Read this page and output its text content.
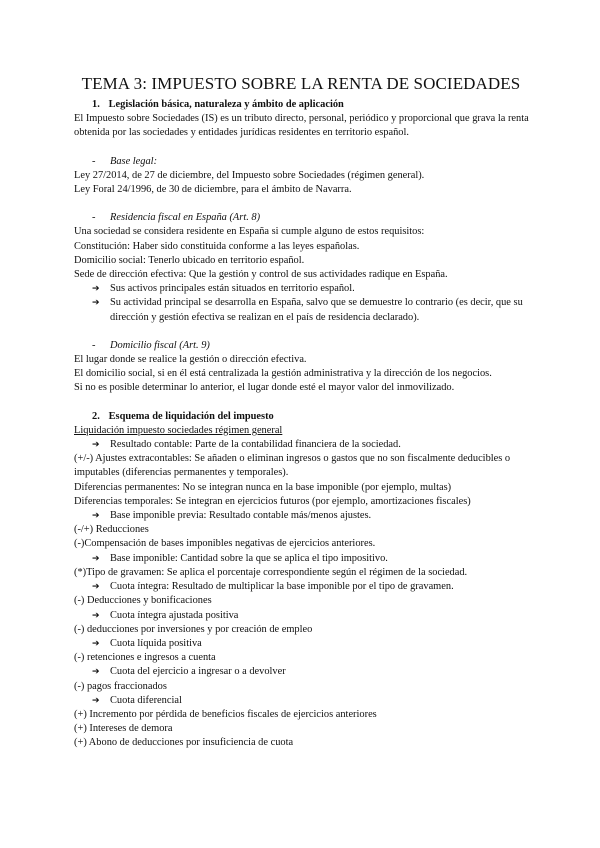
TEMA 3: IMPUESTO SOBRE LA RENTA DE SOCIEDADES
1. Legislación básica, naturaleza y ámbito de aplicación

El Impuesto sobre Sociedades (IS) es un tributo directo, personal, periódico y proporcional que grava la renta obtenida por las sociedades y entidades jurídicas residentes en territorio español.

- Base legal:

Ley 27/2014, de 27 de diciembre, del Impuesto sobre Sociedades (régimen general).

Ley Foral 24/1996, de 30 de diciembre, para el ámbito de Navarra.

- Residencia fiscal en España (Art. 8)

Una sociedad se considera residente en España si cumple alguno de estos requisitos:

Constitución: Haber sido constituida conforme a las leyes españolas.

Domicilio social: Tenerlo ubicado en territorio español.

Sede de dirección efectiva: Que la gestión y control de sus actividades radique en España.

➔ Sus activos principales están situados en territorio español.
➔ Su actividad principal se desarrolla en España, salvo que se demuestre lo contrario (es decir, que su dirección y gestión efectiva se realizan en el país de residencia declarado).
- Domicilio fiscal (Art. 9)

El lugar donde se realice la gestión o dirección efectiva.

El domicilio social, si en él está centralizada la gestión administrativa y la dirección de los negocios.

Si no es posible determinar lo anterior, el lugar donde esté el mayor valor del inmovilizado.

2. Esquema de liquidación del impuesto

Liquidación impuesto sociedades régimen general

➔ Resultado contable: Parte de la contabilidad financiera de la sociedad.

(+/-) Ajustes extracontables: Se añaden o eliminan ingresos o gastos que no son fiscalmente deducibles o imputables (diferencias permanentes y temporales).

Diferencias permanentes: No se integran nunca en la base imponible (por ejemplo, multas)

Diferencias temporales: Se integran en ejercicios futuros (por ejemplo, amortizaciones fiscales)

➔ Base imponible previa: Resultado contable más/menos ajustes.

(-/+) Reducciones

(-)Compensación de bases imponibles negativas de ejercicios anteriores.

➔ Base imponible: Cantidad sobre la que se aplica el tipo impositivo.

(*)Tipo de gravamen: Se aplica el porcentaje correspondiente según el régimen de la sociedad.

➔ Cuota íntegra: Resultado de multiplicar la base imponible por el tipo de gravamen.

(-) Deducciones y bonificaciones

➔ Cuota íntegra ajustada positiva

(-) deducciones por inversiones y por creación de empleo

➔ Cuota líquida positiva

(-) retenciones e ingresos a cuenta

➔ Cuota del ejercicio a ingresar o a devolver

(-) pagos fraccionados

➔ Cuota diferencial

(+) Incremento por pérdida de beneficios fiscales de ejercicios anteriores

(+) Intereses de demora

(+) Abono de deducciones por insuficiencia de cuota
